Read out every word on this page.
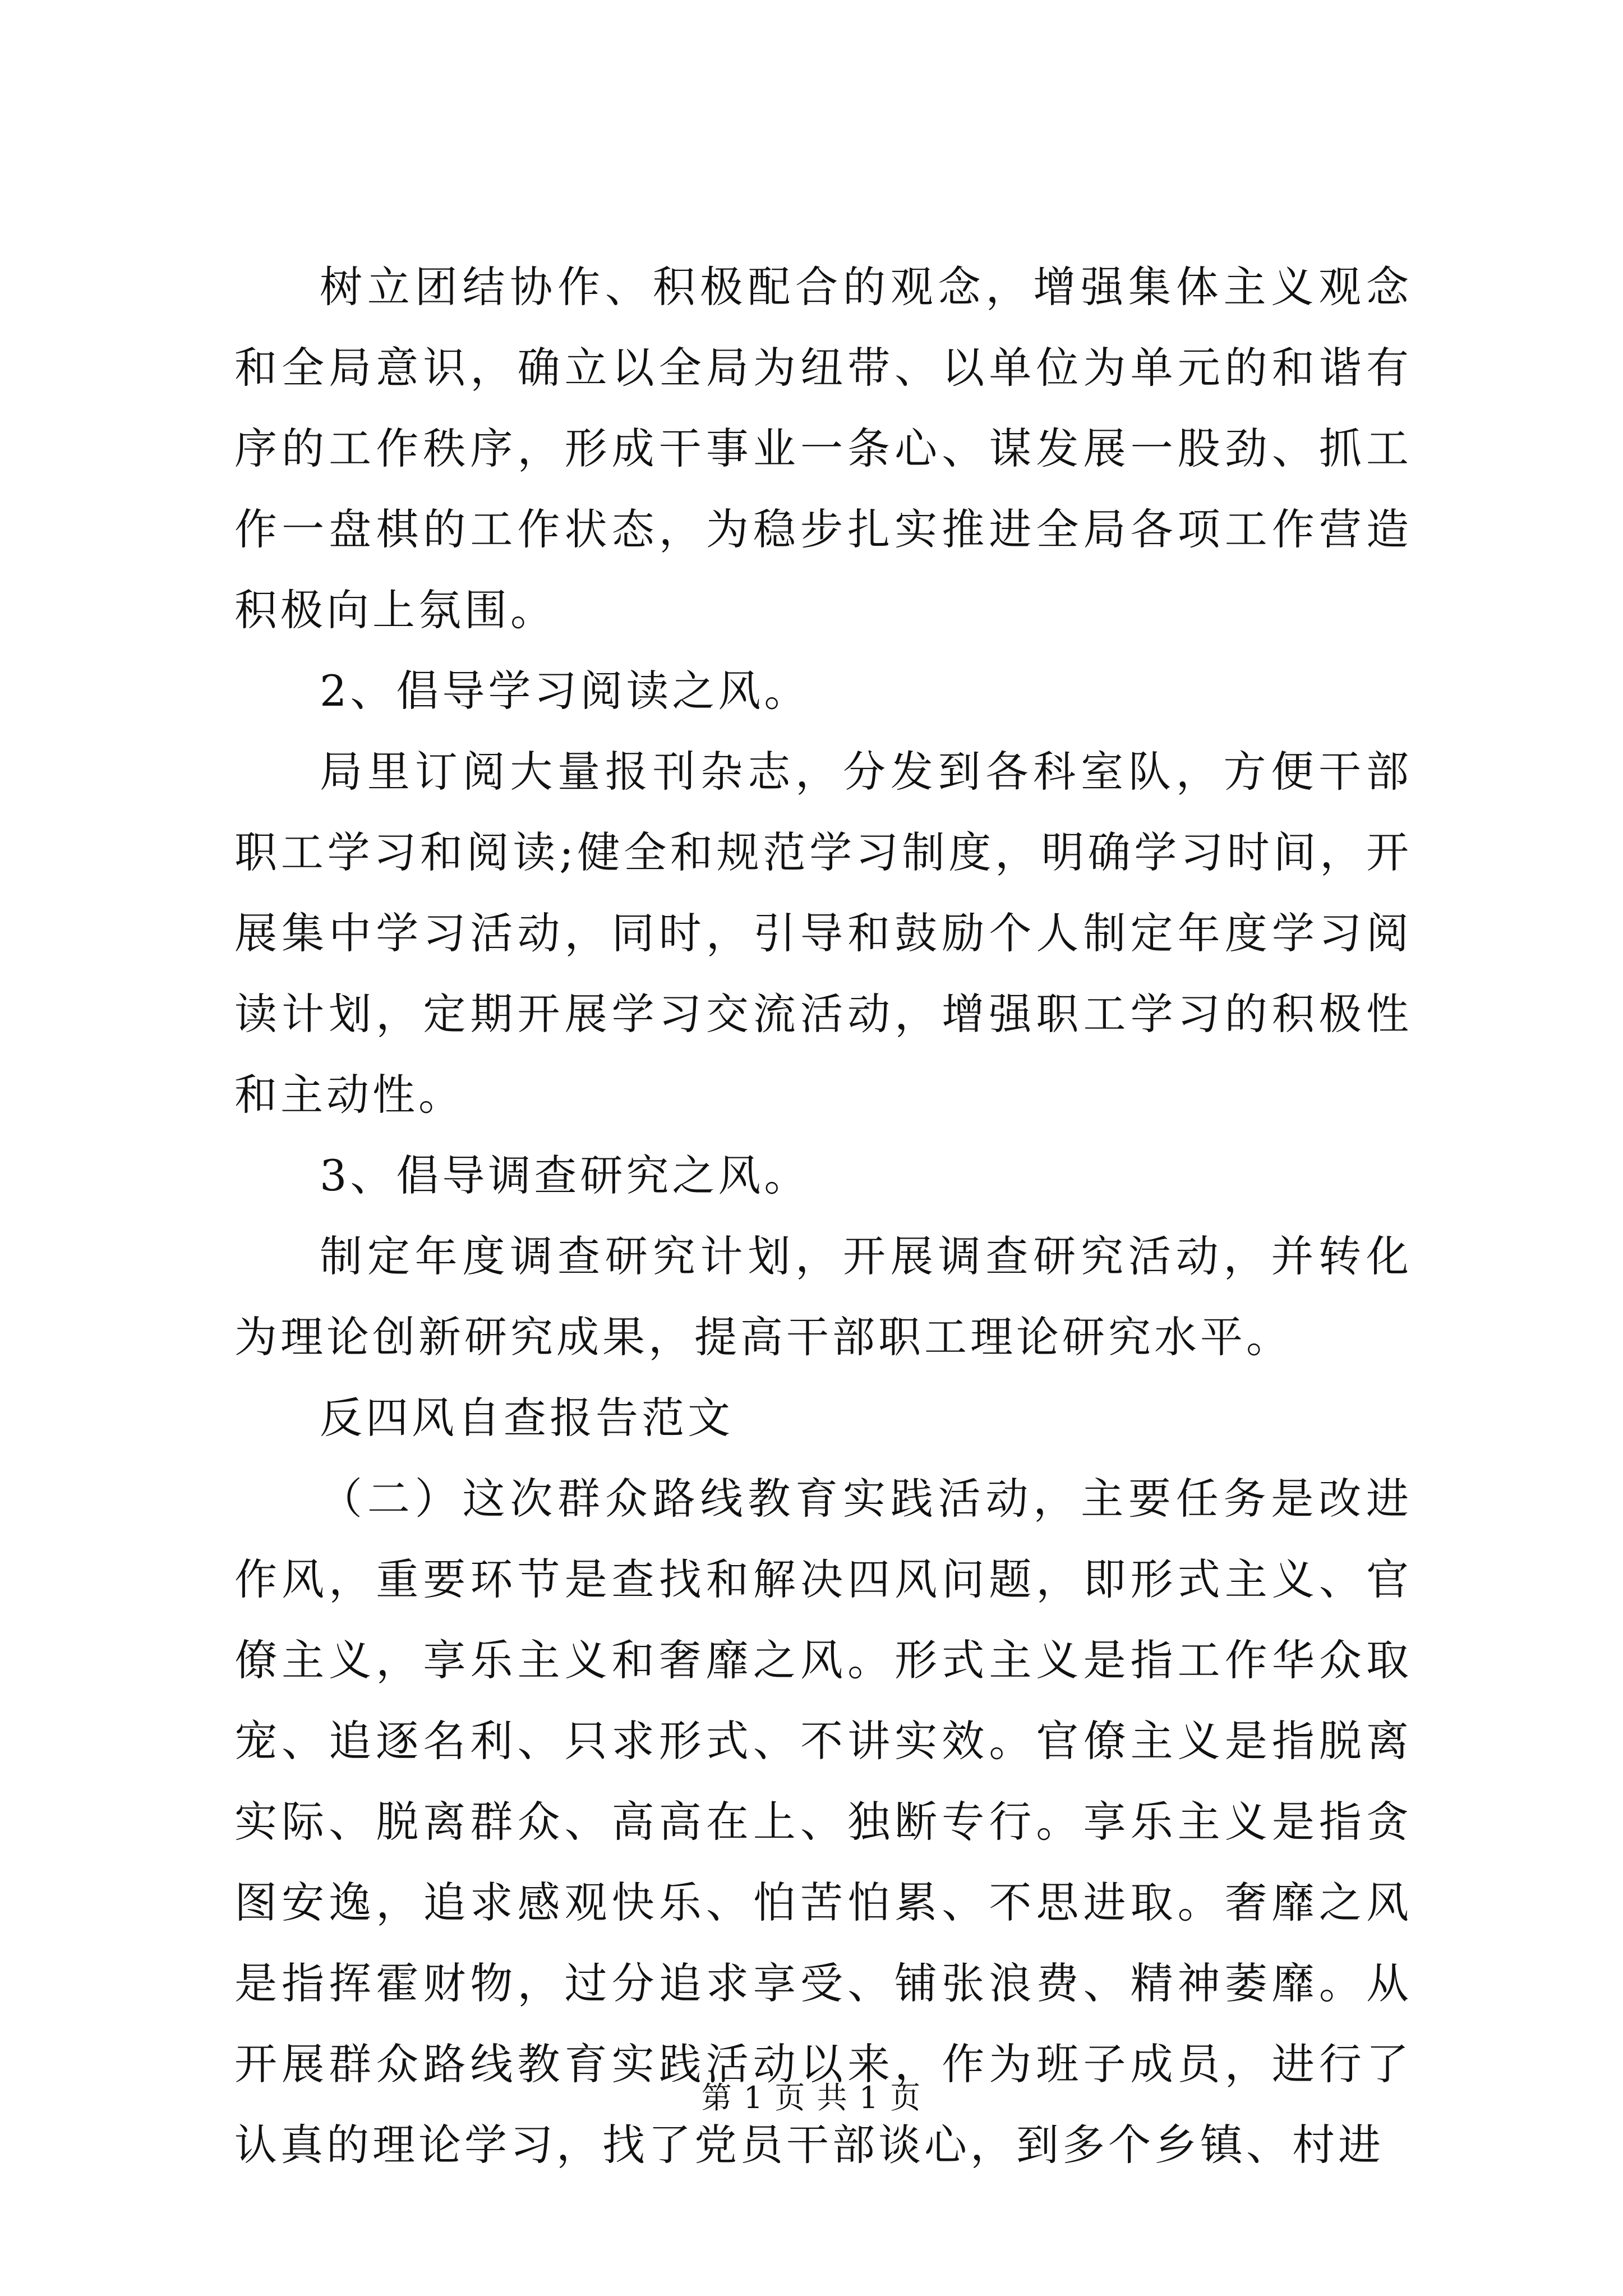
树立团结协作、积极配合的观念，增强集体主义观念和全局意识，确立以全局为纽带、以单位为单元的和谐有序的工作秩序，形成干事业一条心、谋发展一股劲、抓工作一盘棋的工作状态，为稳步扎实推进全局各项工作营造积极向上氛围。

2、倡导学习阅读之风。

局里订阅大量报刊杂志，分发到各科室队，方便干部职工学习和阅读;健全和规范学习制度，明确学习时间，开展集中学习活动，同时，引导和鼓励个人制定年度学习阅读计划，定期开展学习交流活动，增强职工学习的积极性和主动性。

3、倡导调查研究之风。

制定年度调查研究计划，开展调查研究活动，并转化为理论创新研究成果，提高干部职工理论研究水平。

反四风自查报告范文

（二）这次群众路线教育实践活动，主要任务是改进作风，重要环节是查找和解决四风问题，即形式主义、官僚主义，享乐主义和奢靡之风。形式主义是指工作华众取宠、追逐名利、只求形式、不讲实效。官僚主义是指脱离实际、脱离群众、高高在上、独断专行。享乐主义是指贪图安逸，追求感观快乐、怕苦怕累、不思进取。奢靡之风是指挥霍财物，过分追求享受、铺张浪费、精神萎靡。从开展群众路线教育实践活动以来，作为班子成员，进行了认真的理论学习，找了党员干部谈心，到多个乡镇、村进

第 1 页 共 1 页
